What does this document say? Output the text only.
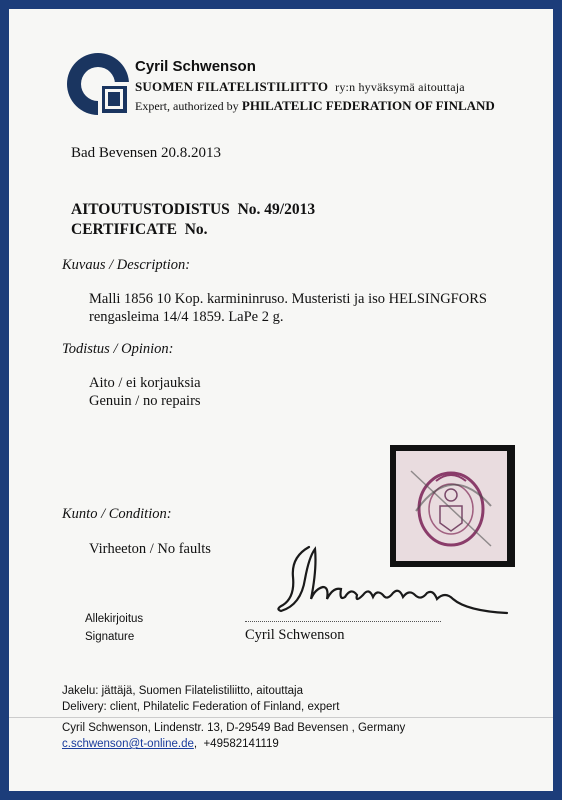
Cyril Schwenson
SUOMEN FILATELISTILIITTO ry:n hyväksymä aitouttaja
Expert, authorized by PHILATELIC FEDERATION OF FINLAND
Bad Bevensen 20.8.2013
AITOUTUSTODISTUS No. 49/2013
CERTIFICATE No.
Kuvaus / Description:
Malli 1856 10 Kop. karmininruso. Musteristi ja iso HELSINGFORS
rengasleima 14/4 1859. LaPe 2 g.
Todistus / Opinion:
Aito / ei korjauksia
Genuin / no repairs
Kunto / Condition:
Virheeton / No faults
Allekirjoitus
Signature	Cyril Schwenson
Jakelu: jättäjä, Suomen Filatelistiliitto, aitouttaja
Delivery: client, Philatelic Federation of Finland, expert
Cyril Schwenson, Lindenstr. 13, D-29549 Bad Bevensen , Germany
c.schwenson@t-online.de,  +49582141119
